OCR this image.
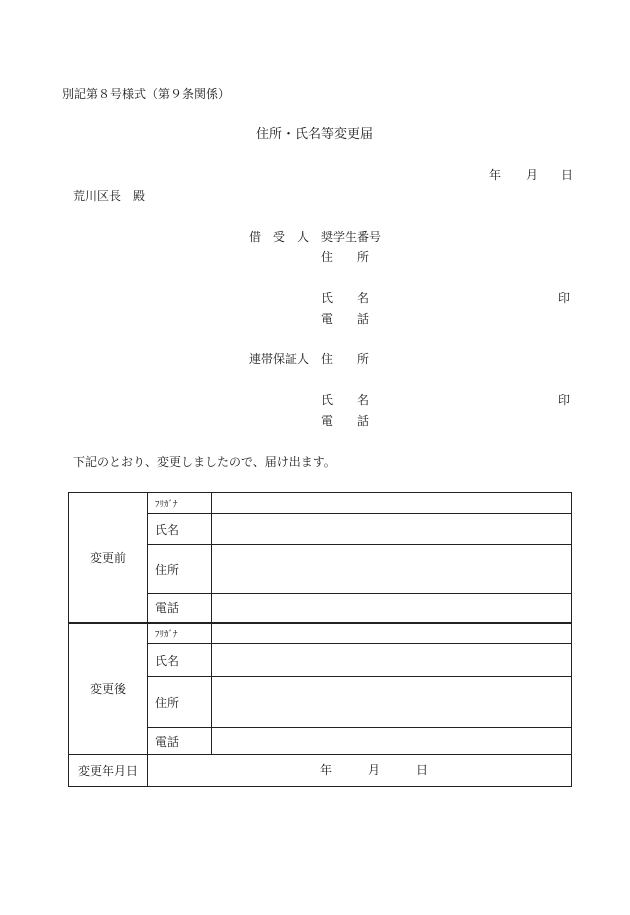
別記第８号様式（第９条関係）
住所・氏名等変更届
年 月 日
荒川区長　殿
借　受　人 奨学生番号
住　　所
氏　　名	印
電　　話
連帯保証人 住　　所
氏　　名	印
電　　話
下記のとおり、変更しましたので、届け出ます。
変更前	ﾌﾘｶﾞﾅ	
	氏名	
	住所	
	電話	
変更後	ﾌﾘｶﾞﾅ	
	氏名	
	住所	
	電話	
変更年月日	年 月 日	
